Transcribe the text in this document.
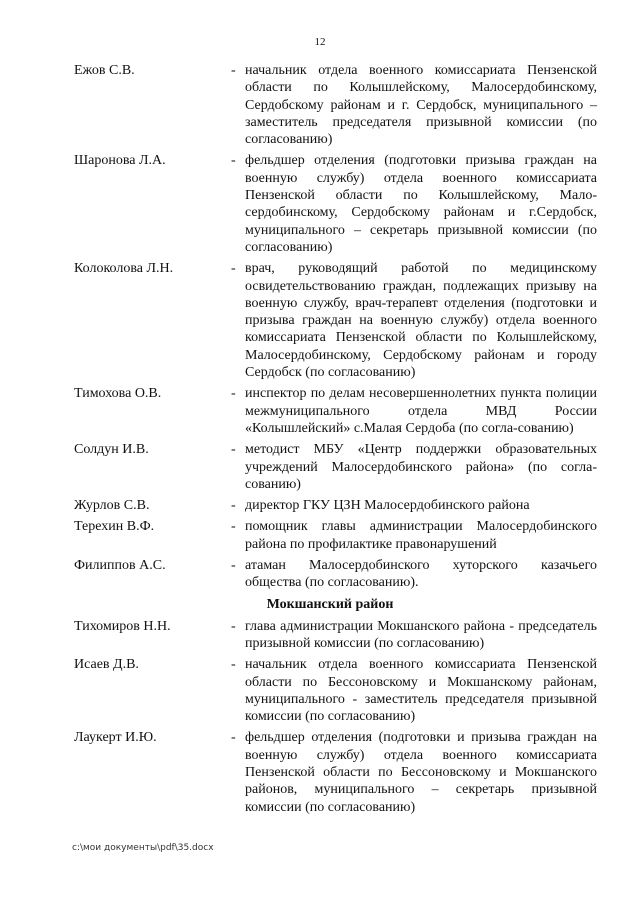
12
Ежов С.В.	- начальник отдела военного комиссариата Пензенской области по Колышлейскому, Малосердобинскому, Сердобскому районам и г. Сердобск, муниципального – заместитель председателя призывной комиссии (по согласованию)
Шаронова Л.А.	- фельдшер отделения (подготовки призыва граждан на военную службу) отдела военного комиссариата Пензенской области по Колышлейскому, Мало-сердобинскому, Сердобскому районам и г.Сердобск, муниципального – секретарь призывной комиссии (по согласованию)
Колоколова Л.Н.	- врач, руководящий работой по медицинскому освидетельствованию граждан, подлежащих призыву на военную службу, врач-терапевт отделения (подготовки и призыва граждан на военную службу) отдела военного комиссариата Пензенской области по Колышлейскому, Малосердобинскому, Сердобскому районам и городу Сердобск (по согласованию)
Тимохова О.В.	- инспектор по делам несовершеннолетних пункта полиции межмуниципального отдела МВД России «Колышлейский» с.Малая Сердоба (по согла-сованию)
Солдун И.В.	- методист МБУ «Центр поддержки образовательных учреждений Малосердобинского района» (по согла-сованию)
Журлов С.В.	- директор ГКУ ЦЗН Малосердобинского района
Терехин В.Ф.	- помощник главы администрации Малосердобинского района по профилактике правонарушений
Филиппов А.С.	- атаман Малосердобинского хуторского казачьего общества (по согласованию).
Мокшанский район
Тихомиров Н.Н.	- глава администрации Мокшанского района - председатель призывной комиссии (по согласованию)
Исаев Д.В.	- начальник отдела военного комиссариата Пензенской области по Бессоновскому и Мокшанскому районам, муниципального - заместитель председателя призывной комиссии (по согласованию)
Лаукерт И.Ю.	- фельдшер отделения (подготовки и призыва граждан на военную службу) отдела военного комиссариата Пензенской области по Бессоновскому и Мокшанского районов, муниципального – секретарь призывной комиссии (по согласованию)
c:\мои документы\pdf\35.docx
